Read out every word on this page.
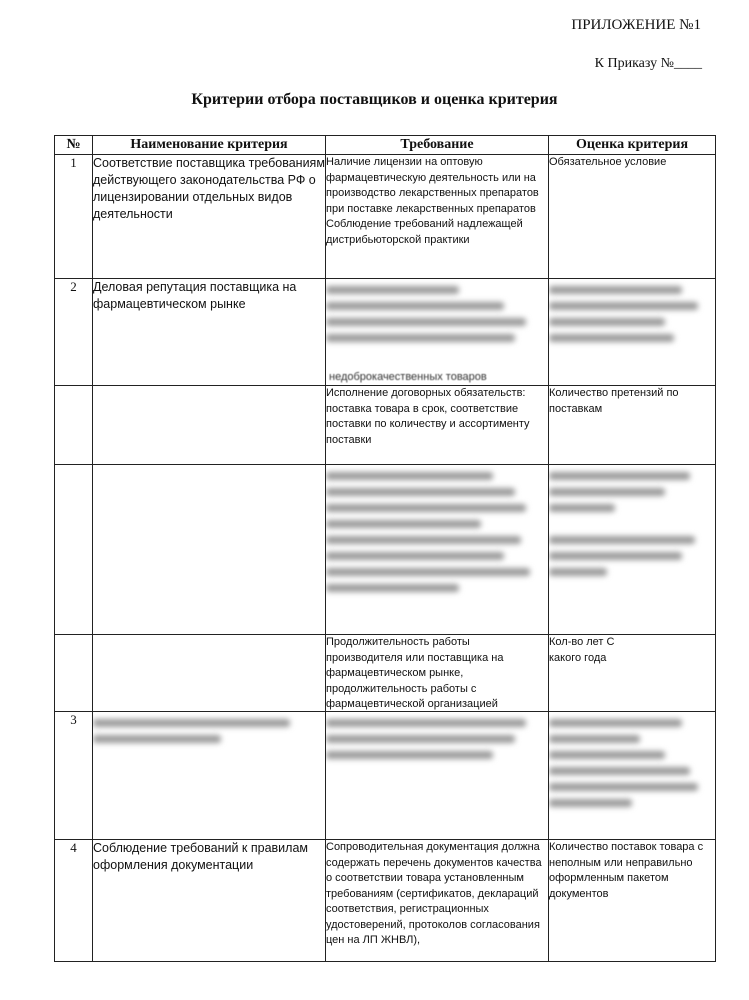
ПРИЛОЖЕНИЕ №1
К Приказу №____
Критерии отбора поставщиков и оценка критерия
№	Наименование критерия	Требование	Оценка критерия
1	Соответствие поставщика требованиям действующего законодательства РФ о лицензировании отдельных видов деятельности	Наличие лицензии на оптовую фармацевтическую деятельность или на производство лекарственных препаратов при поставке лекарственных препаратов Соблюдение требований надлежащей дистрибьюторской практики	Обязательное условие
2	Деловая репутация поставщика на фармацевтическом рынке	недоброкачественных товаров	

		Исполнение договорных обязательств: поставка товара в срок, соответствие поставки по количеству и ассортименту поставки	Количество претензий по поставкам

		Продолжительность работы производителя или поставщика на фармацевтическом рынке, продолжительность работы с фармацевтической организацией	Кол-во лет С какого года

3	

4	Соблюдение требований к правилам оформления документации	Сопроводительная документация должна содержать перечень документов качества о соответствии товара установленным требованиям (сертификатов, деклараций соответствия, регистрационных удостоверений, протоколов согласования цен на ЛП ЖНВЛ),	Количество поставок товара с неполным или неправильно оформленным пакетом документов
